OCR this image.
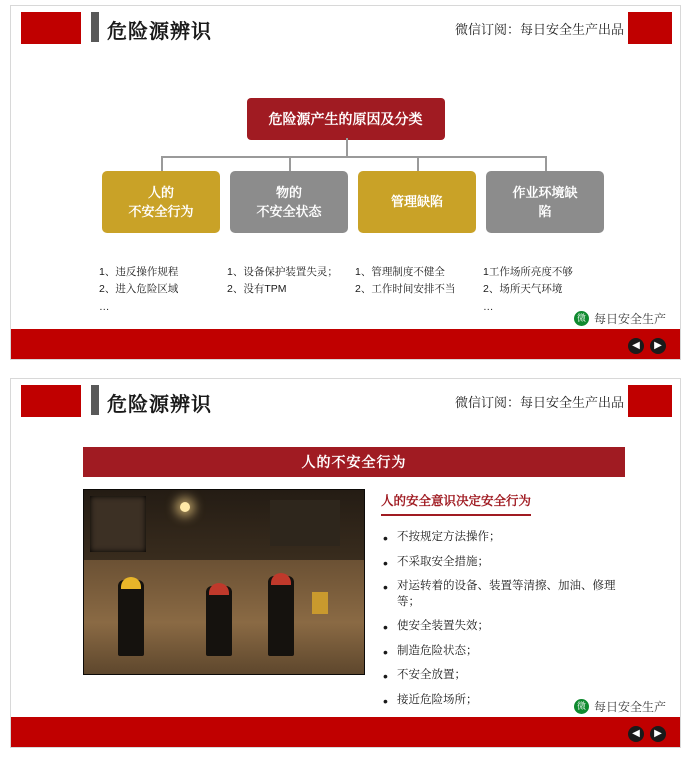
危险源辨识	微信订阅：每日安全生产出品
危险源产生的原因及分类
人的
不安全行为
物的
不安全状态
管理缺陷
作业环境缺
陷
1、违反操作规程
2、进入危险区域
…
1、设备保护装置失灵；
2、没有TPM
1、管理制度不健全
2、工作时间安排不当
1工作场所亮度不够
2、场所天气环境
…
微 每日安全生产
◀	▶
危险源辨识	微信订阅：每日安全生产出品
人的不安全行为
人的安全意识决定安全行为
• 不按规定方法操作；
• 不采取安全措施；
• 对运转着的设备、装置等清擦、加油、修理等；
• 使安全装置失效；
• 制造危险状态；
• 不安全放置；
• 接近危险场所；
微 每日安全生产
◀	▶
